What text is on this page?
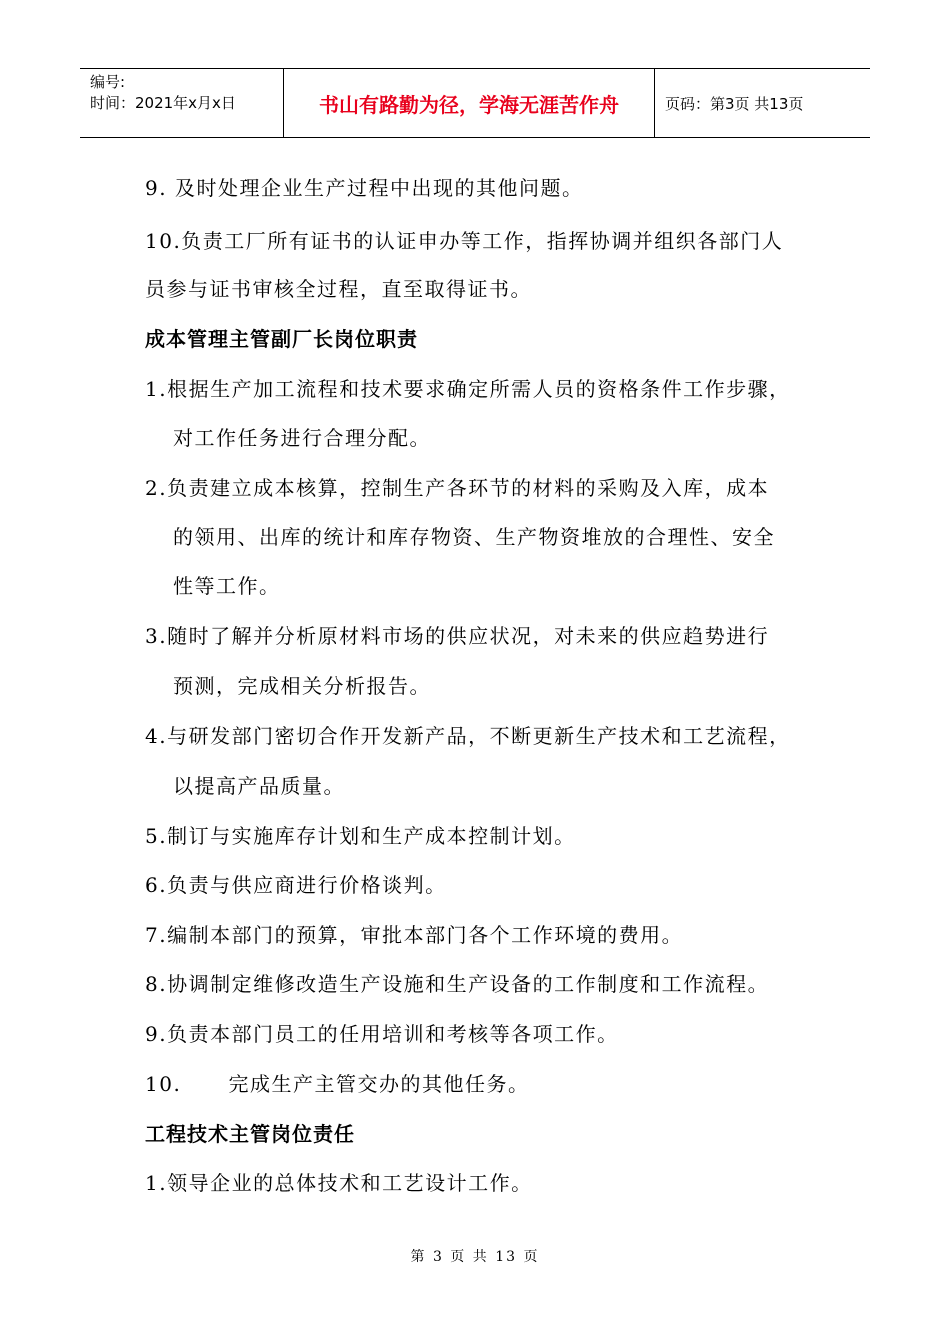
编号:
时间：2021年x月x日	书山有路勤为径，学海无涯苦作舟	页码：第3页 共13页
9. 及时处理企业生产过程中出现的其他问题。
10.负责工厂所有证书的认证申办等工作，指挥协调并组织各部门人
员参与证书审核全过程，直至取得证书。
成本管理主管副厂长岗位职责
1.根据生产加工流程和技术要求确定所需人员的资格条件工作步骤，
对工作任务进行合理分配。
2.负责建立成本核算，控制生产各环节的材料的采购及入库，成本
的领用、出库的统计和库存物资、生产物资堆放的合理性、安全
性等工作。
3.随时了解并分析原材料市场的供应状况，对未来的供应趋势进行
预测，完成相关分析报告。
4.与研发部门密切合作开发新产品，不断更新生产技术和工艺流程，
以提高产品质量。
5.制订与实施库存计划和生产成本控制计划。
6.负责与供应商进行价格谈判。
7.编制本部门的预算，审批本部门各个工作环境的费用。
8.协调制定维修改造生产设施和生产设备的工作制度和工作流程。
9.负责本部门员工的任用培训和考核等各项工作。
10.      完成生产主管交办的其他任务。
工程技术主管岗位责任
1.领导企业的总体技术和工艺设计工作。
第 3 页 共 13 页
